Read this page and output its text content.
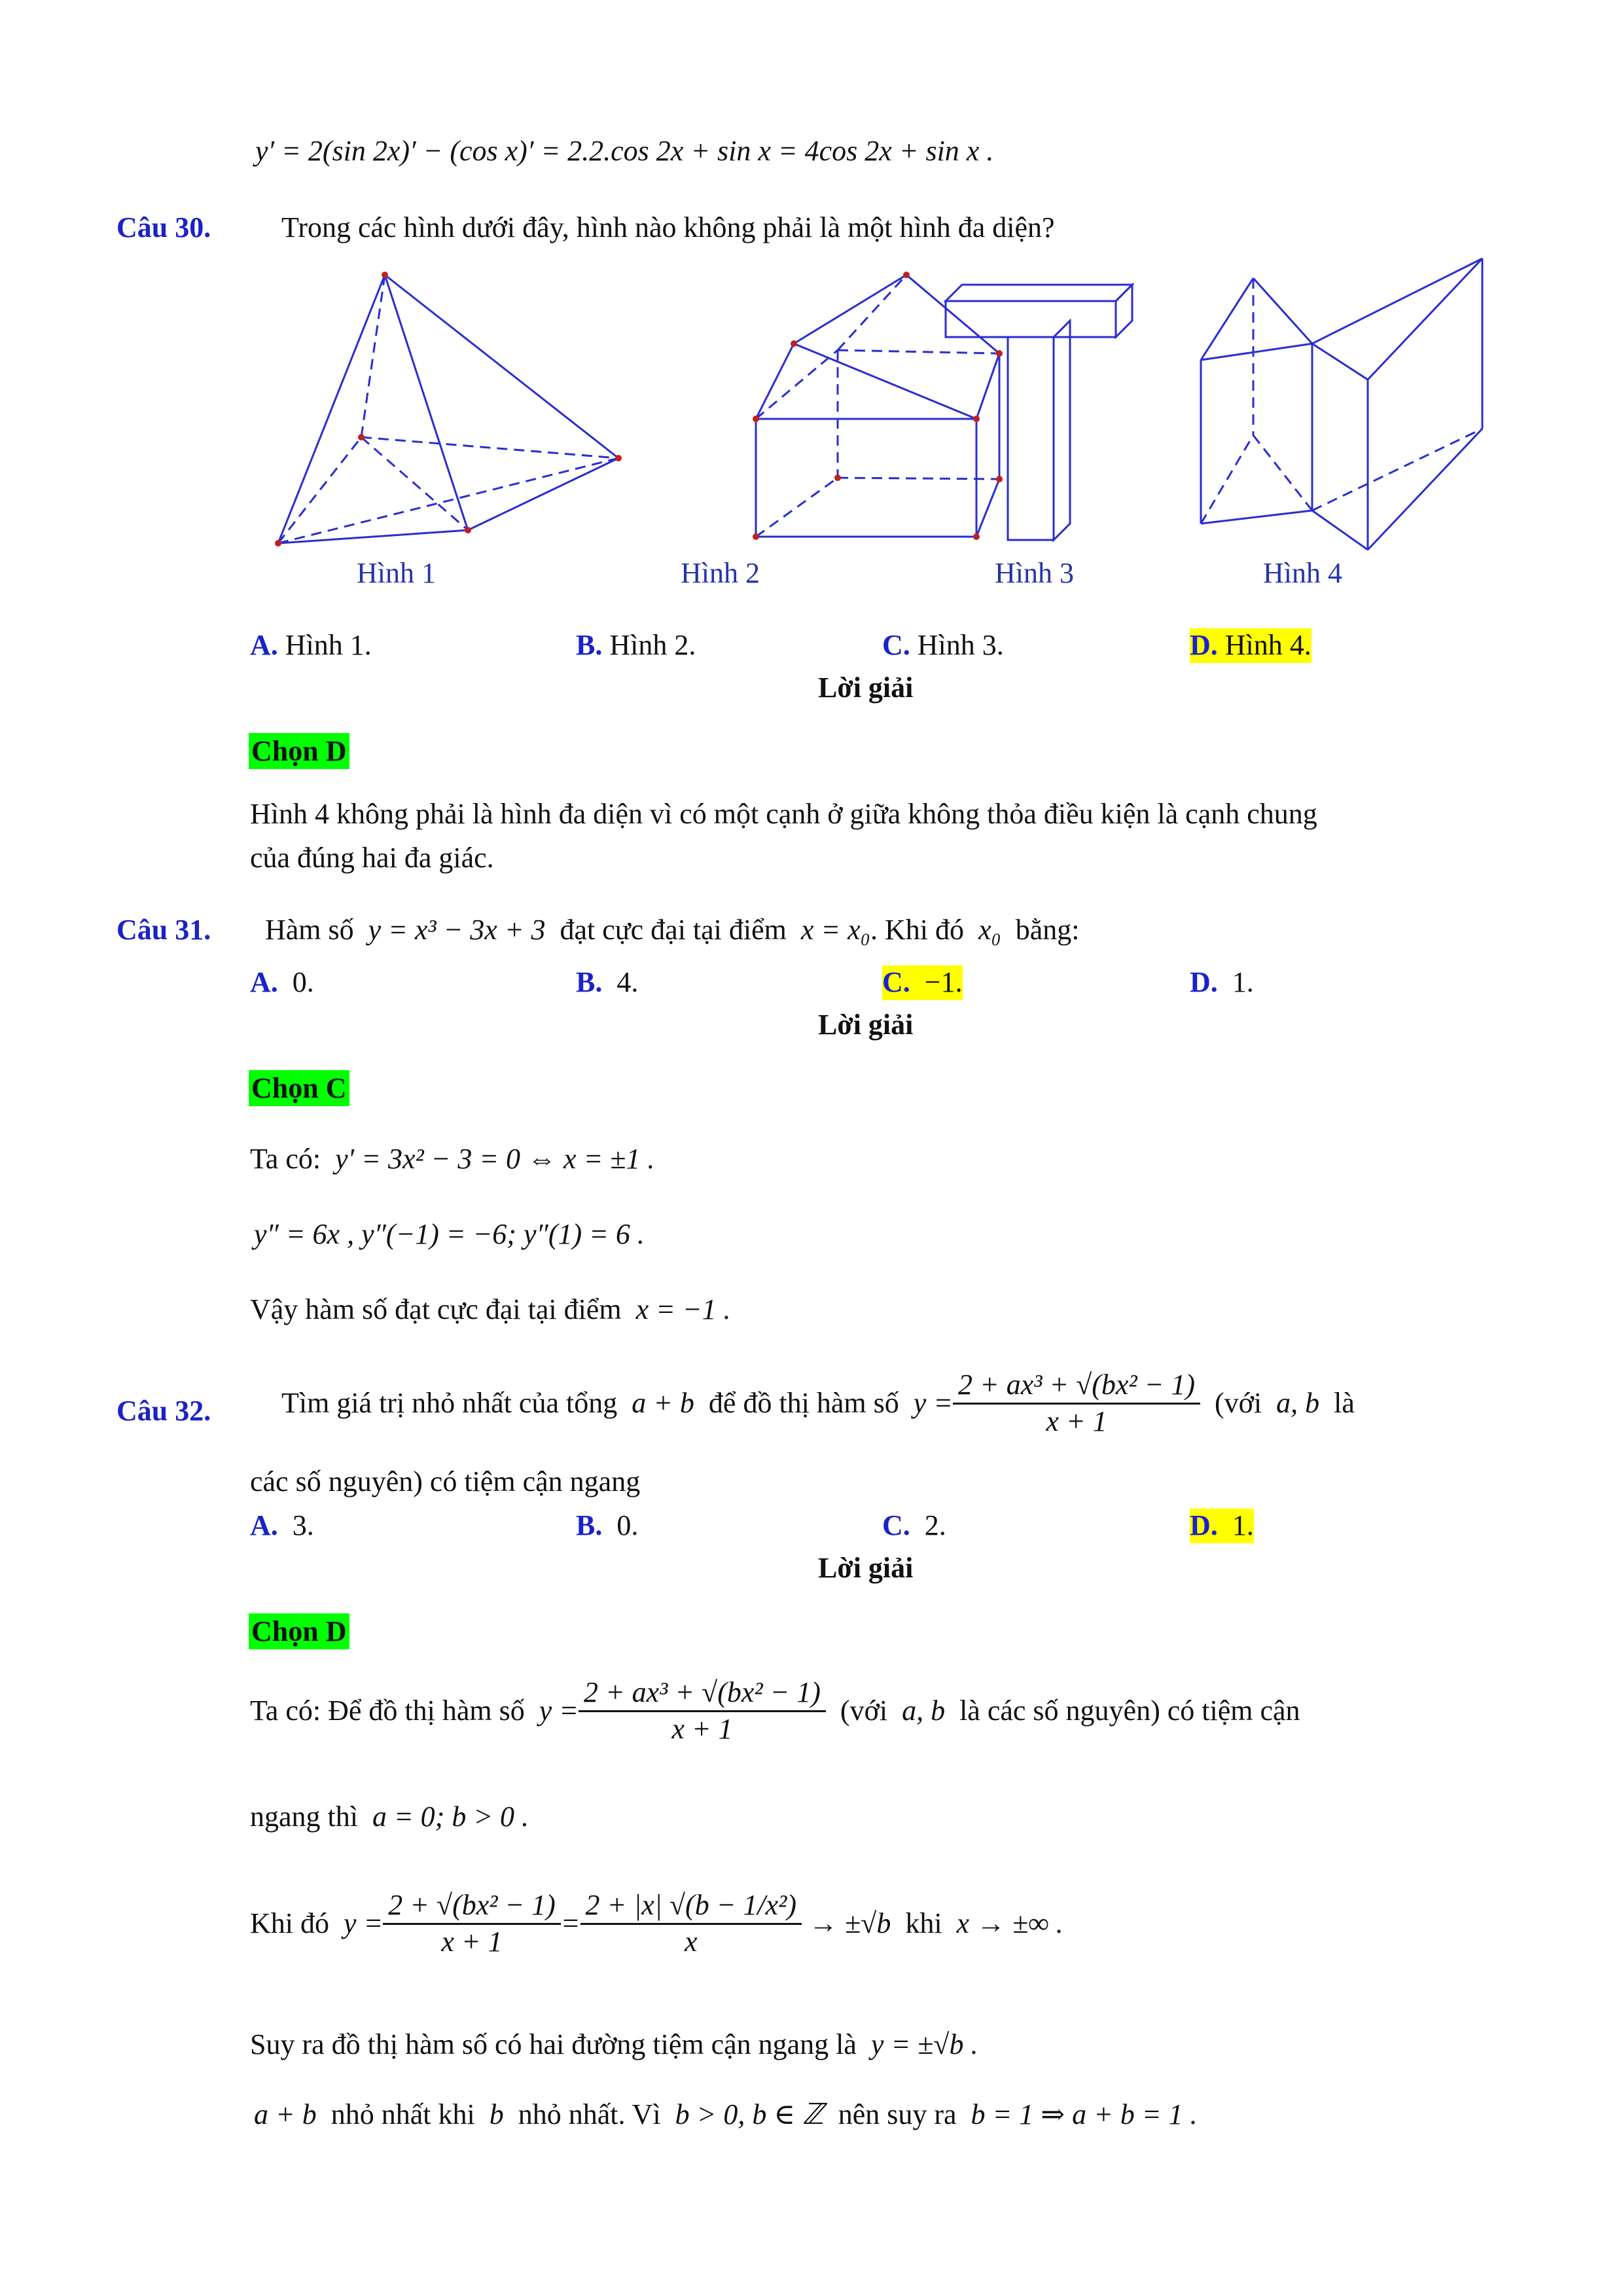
y′ = 2(sin 2x)′ − (cos x)′ = 2.2.cos 2x + sin x = 4cos 2x + sin x .
Câu 30. Trong các hình dưới đây, hình nào không phải là một hình đa diện?
Hình 1	Hình 2	Hình 3	Hình 4
A. Hình 1.	B. Hình 2.	C. Hình 3.	D. Hình 4.
Lời giải
Chọn D
Hình 4 không phải là hình đa diện vì có một cạnh ở giữa không thỏa điều kiện là cạnh chung
của đúng hai đa giác.
Câu 31. Hàm số y = x³ − 3x + 3 đạt cực đại tại điểm x = x₀. Khi đó x₀ bằng:
A. 0.	B. 4.	C. −1.	D. 1.
Lời giải
Chọn C
Ta có: y′ = 3x² − 3 = 0 ⇔ x = ±1 .
y″ = 6x , y″(−1) = −6; y″(1) = 6 .
Vậy hàm số đạt cực đại tại điểm x = −1 .
Câu 32. Tìm giá trị nhỏ nhất của tổng a + b để đồ thị hàm số $y = \frac{\text{2 + ax³ + √(bx² − 1)}}{x + 1}$ (với a, b là
các số nguyên) có tiệm cận ngang
A. 3.	B. 0.	C. 2.	D. 1.
Lời giải
Chọn D
Ta có: Để đồ thị hàm số $y = \frac{\text{2 + ax³ + √(bx² − 1)}}{x + 1}$ (với a, b là các số nguyên) có tiệm cận
ngang thì a = 0; b > 0 .
Khi đó $y = \frac{\text{2 + √(bx² − 1)}}{x + 1} = \frac{\text{2 + |x| √(b − 1/x²)}}{x} \to \pm√b$ khi x → ±∞ .
Suy ra đồ thị hàm số có hai đường tiệm cận ngang là y = ±√b .
a + b nhỏ nhất khi b nhỏ nhất. Vì b > 0, b ∈ ℤ nên suy ra b = 1 ⇒ a + b = 1 .
